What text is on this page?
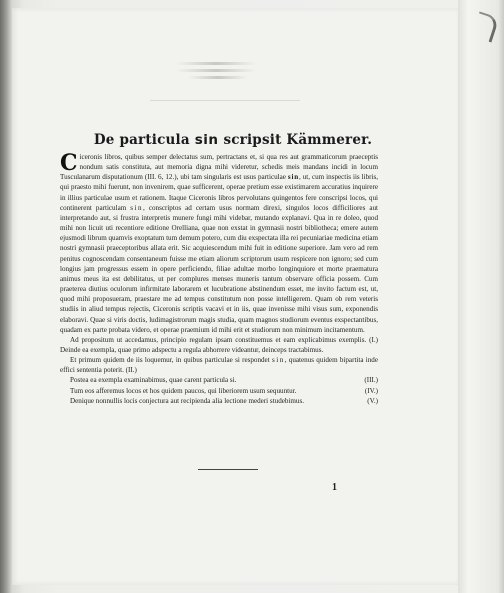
De particula sin scripsit Kämmerer.

Ciceronis libros, quibus semper delectatus sum, pertractans et, si qua res aut grammaticorum praeceptis nondum satis constituta, aut memoria digna mihi videretur, schedis meis mandans incidi in locum Tusculanarum disputationum (III. 6, 12.), ubi tam singularis est usus particulae sin, ut, cum inspectis iis libris, qui praesto mihi fuerunt, non invenirem, quae sufficerent, operae pretium esse existimarem accuratius inquirere in illius particulae usum et rationem. Itaque Ciceronis libros pervolutans quingentos fere conscripsi locos, qui continerent particulam sin, conscriptos ad certam usus normam direxi, singulos locos difficiliores aut interpretando aut, si frustra interpretis munere fungi mihi videbar, mutando explanavi. Qua in re doleo, quod mihi non licuit uti recentiore editione Orelliana, quae non exstat in gymnasii nostri bibliotheca; emere autem ejusmodi librum quamvis exoptatum tum demum potero, cum diu exspectata illa rei pecuniariae medicina etiam nostri gymnasii praeceptoribus allata erit. Sic acquiescendum mihi fuit in editione superiore. Jam vero ad rem penitus cognoscendam consentaneum fuisse me etiam aliorum scriptorum usum respicere non ignoro; sed cum longius jam progressus essem in opere perficiendo, filiae adultae morbo longinquiore et morte praematura animus meus ita est debilitatus, ut per complures menses muneris tantum observare officia possem. Cum praeterea diutius oculorum infirmitate laborarem et lucubratione abstinendum esset, me invito factum est, ut, quod mihi proposueram, praestare me ad tempus constitutum non posse intelligerem. Quam ob rem veteris studiis in aliud tempus rejectis, Ciceronis scriptis vacavi et in iis, quae invenisse mihi visus sum, exponendis elaboravi. Quae si viris doctis, ludimagistrorum magis studia, quam magnos studiorum eventus exspectantibus, quadam ex parte probata videro, et operae praemium id mihi erit et studiorum non minimum incitamentum.

Ad propositum ut accedamus, principio regulam ipsam constituemus et eam explicabimus exemplis. (I.) Deinde ea exempla, quae primo adspectu a regula abhorrere videantur, deinceps tractabimus.

Et primum quidem de iis loquemur, in quibus particulae si respondet sin, quatenus quidem bipartita inde effici sententia poterit. (II.)

Postea ea exempla examinabimus, quae carent particula si.	(III.)
Tum eos afferemus locos et hos quidem paucos, qui liberiorem usum sequuntur.	(IV.)
Denique nonnullis locis conjectura aut recipienda alia lectione mederi studebimus.	(V.)
1
